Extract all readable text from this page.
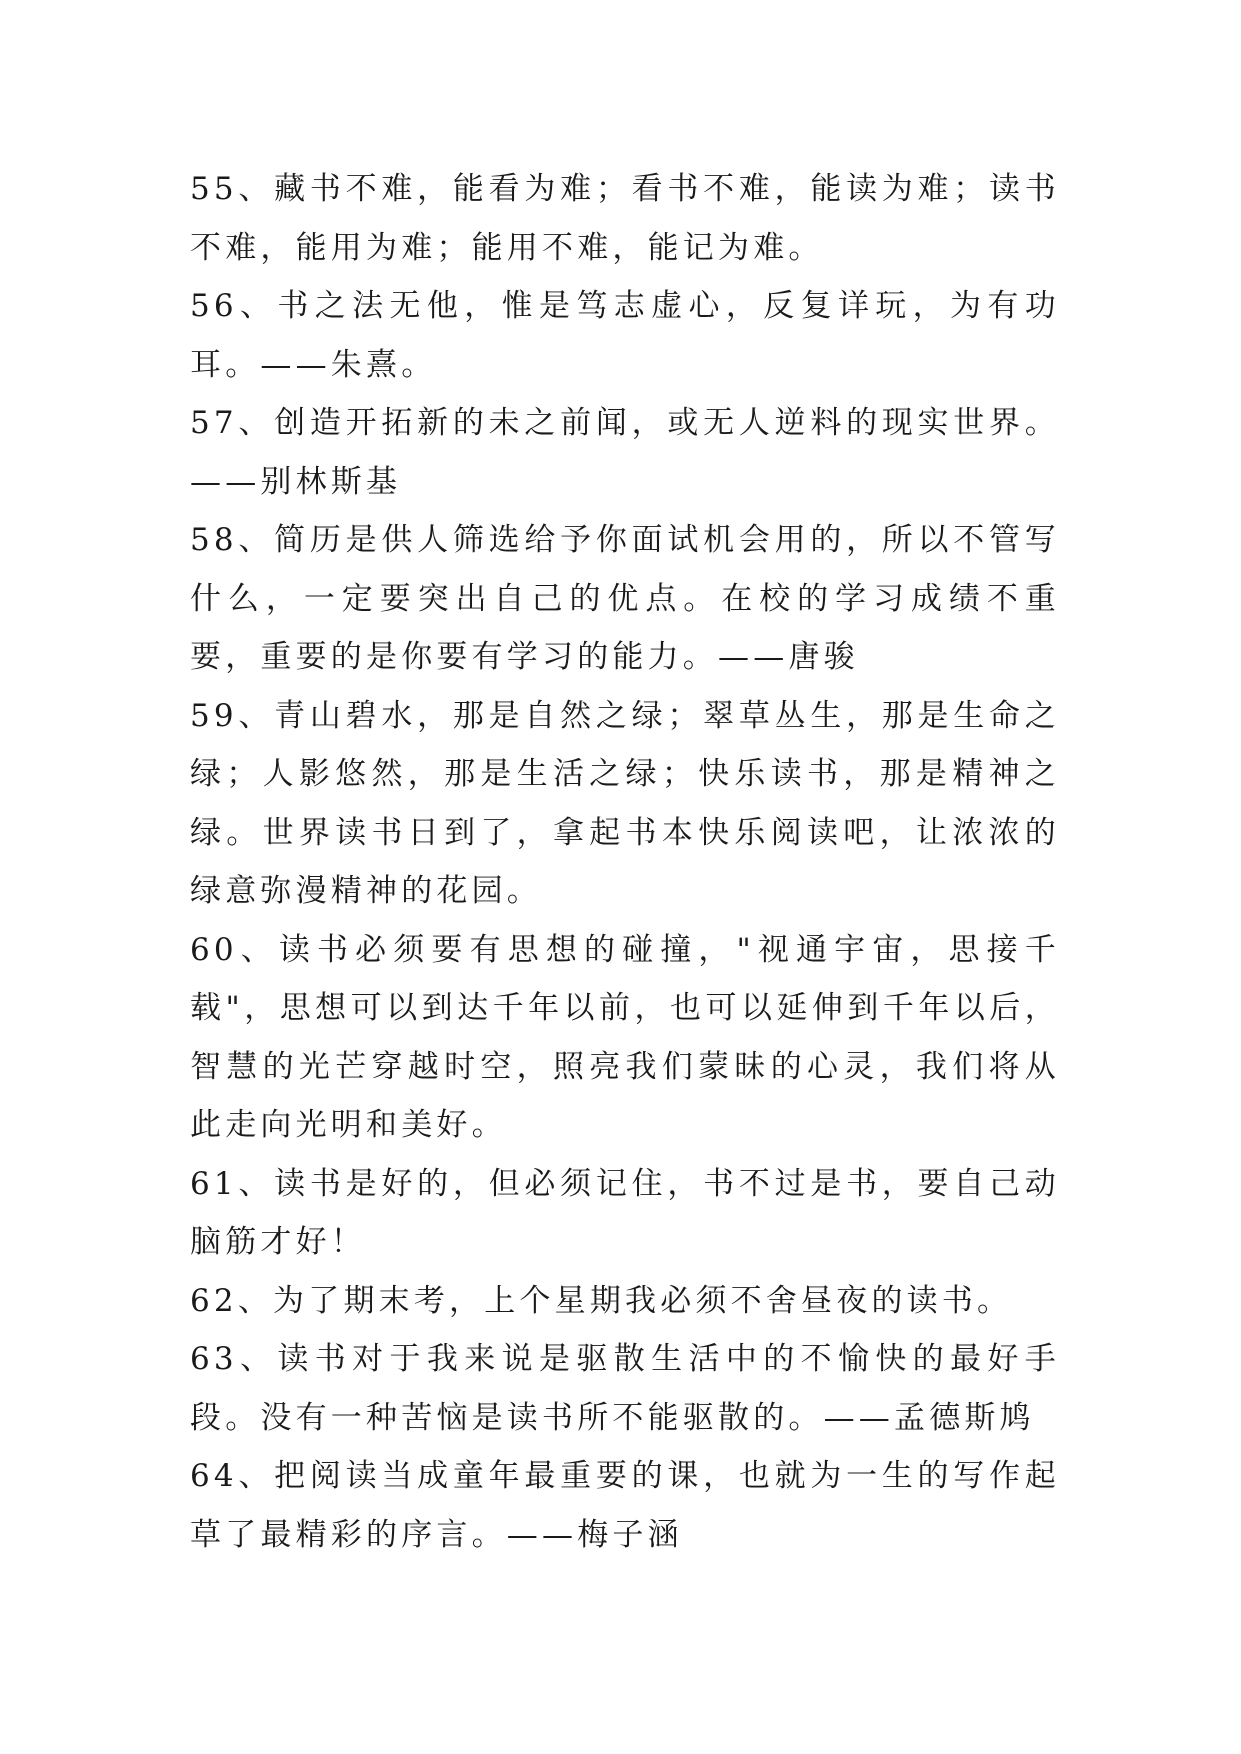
55、藏书不难，能看为难；看书不难，能读为难；读书不难，能用为难；能用不难，能记为难。

56、书之法无他，惟是笃志虚心，反复详玩，为有功耳。——朱熹。

57、创造开拓新的未之前闻，或无人逆料的现实世界。——别林斯基

58、简历是供人筛选给予你面试机会用的，所以不管写什么，一定要突出自己的优点。在校的学习成绩不重要，重要的是你要有学习的能力。——唐骏

59、青山碧水，那是自然之绿；翠草丛生，那是生命之绿；人影悠然，那是生活之绿；快乐读书，那是精神之绿。世界读书日到了，拿起书本快乐阅读吧，让浓浓的绿意弥漫精神的花园。

60、读书必须要有思想的碰撞，"视通宇宙，思接千载"，思想可以到达千年以前，也可以延伸到千年以后，智慧的光芒穿越时空，照亮我们蒙昧的心灵，我们将从此走向光明和美好。

61、读书是好的，但必须记住，书不过是书，要自己动脑筋才好！

62、为了期末考，上个星期我必须不舍昼夜的读书。

63、读书对于我来说是驱散生活中的不愉快的最好手段。没有一种苦恼是读书所不能驱散的。——孟德斯鸠

64、把阅读当成童年最重要的课，也就为一生的写作起草了最精彩的序言。——梅子涵
